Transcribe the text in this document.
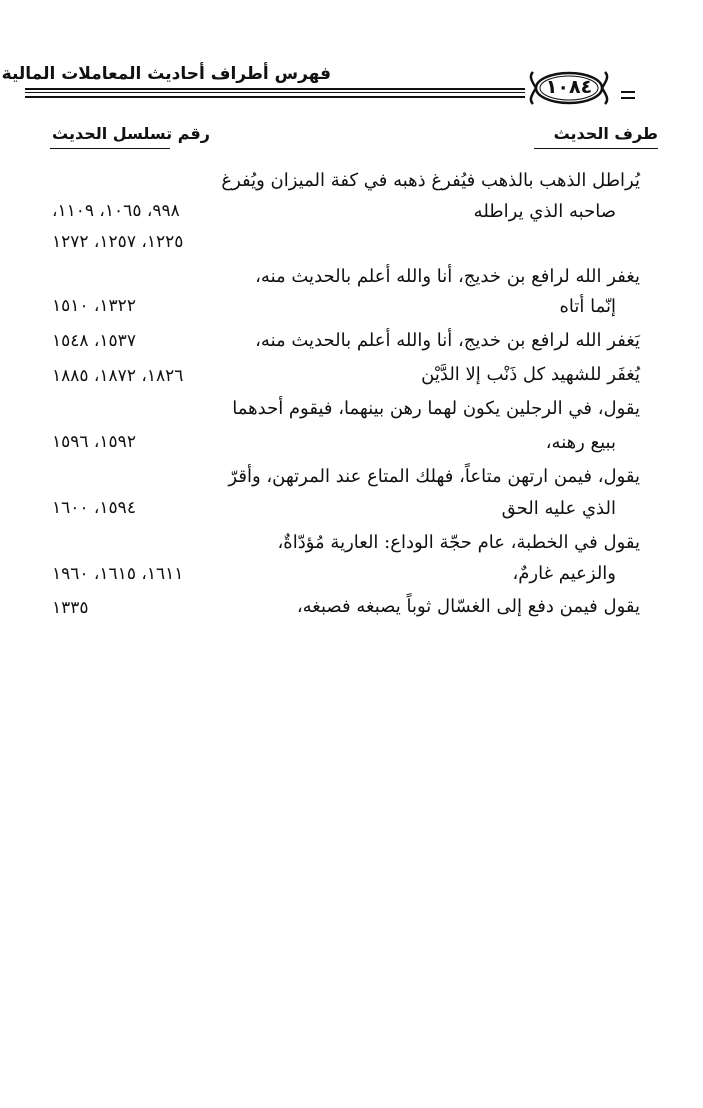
فهرس أطراف أحاديث المعاملات المالية
١٠٨٤
طرف الحديث
رقم تسلسل الحديث
يُراطل الذهب بالذهب فيُفرغ ذهبه في كفة الميزان ويُفرغ
صاحبه الذي يراطله
٩٩٨، ١٠٦٥، ١١٠٩،
١٢٢٥، ١٢٥٧، ١٢٧٢
يغفر الله لرافع بن خديج، أنا والله أعلم بالحديث منه،
إنّما أتاه
١٣٢٢، ١٥١٠
يَغفر الله لرافع بن خديج، أنا والله أعلم بالحديث منه،
١٥٣٧، ١٥٤٨
يُغفَر للشهيد كل ذَنْب إلا الدَّيْن
١٨٢٦، ١٨٧٢، ١٨٨٥
يقول، في الرجلين يكون لهما رهن بينهما، فيقوم أحدهما
ببيع رهنه،
١٥٩٢، ١٥٩٦
يقول، فيمن ارتهن متاعاً، فهلك المتاع عند المرتهن، وأقرّ
الذي عليه الحق
١٥٩٤، ١٦٠٠
يقول في الخطبة، عام حجّة الوداع: العارية مُؤدّاةٌ،
والزعيم غارمٌ،
١٦١١، ١٦١٥، ١٩٦٠
يقول فيمن دفع إلى الغسّال ثوباً يصبغه فصبغه،
١٣٣٥
